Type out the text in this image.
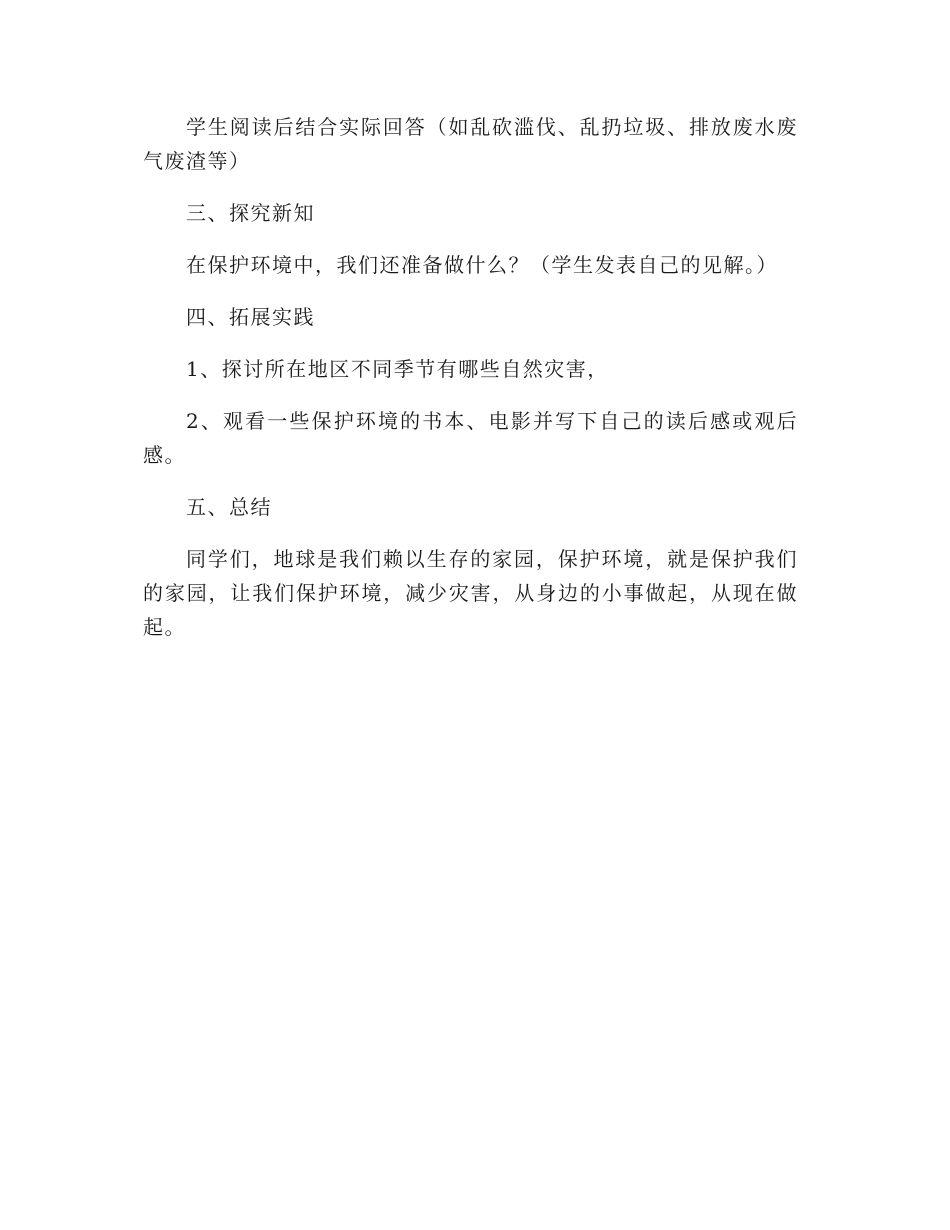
学生阅读后结合实际回答（如乱砍滥伐、乱扔垃圾、排放废水废气废渣等）

三、探究新知

在保护环境中，我们还准备做什么？（学生发表自己的见解。）

四、拓展实践

1、探讨所在地区不同季节有哪些自然灾害，

2、观看一些保护环境的书本、电影并写下自己的读后感或观后感。

五、总结

同学们，地球是我们赖以生存的家园，保护环境，就是保护我们的家园，让我们保护环境，减少灾害，从身边的小事做起，从现在做起。
